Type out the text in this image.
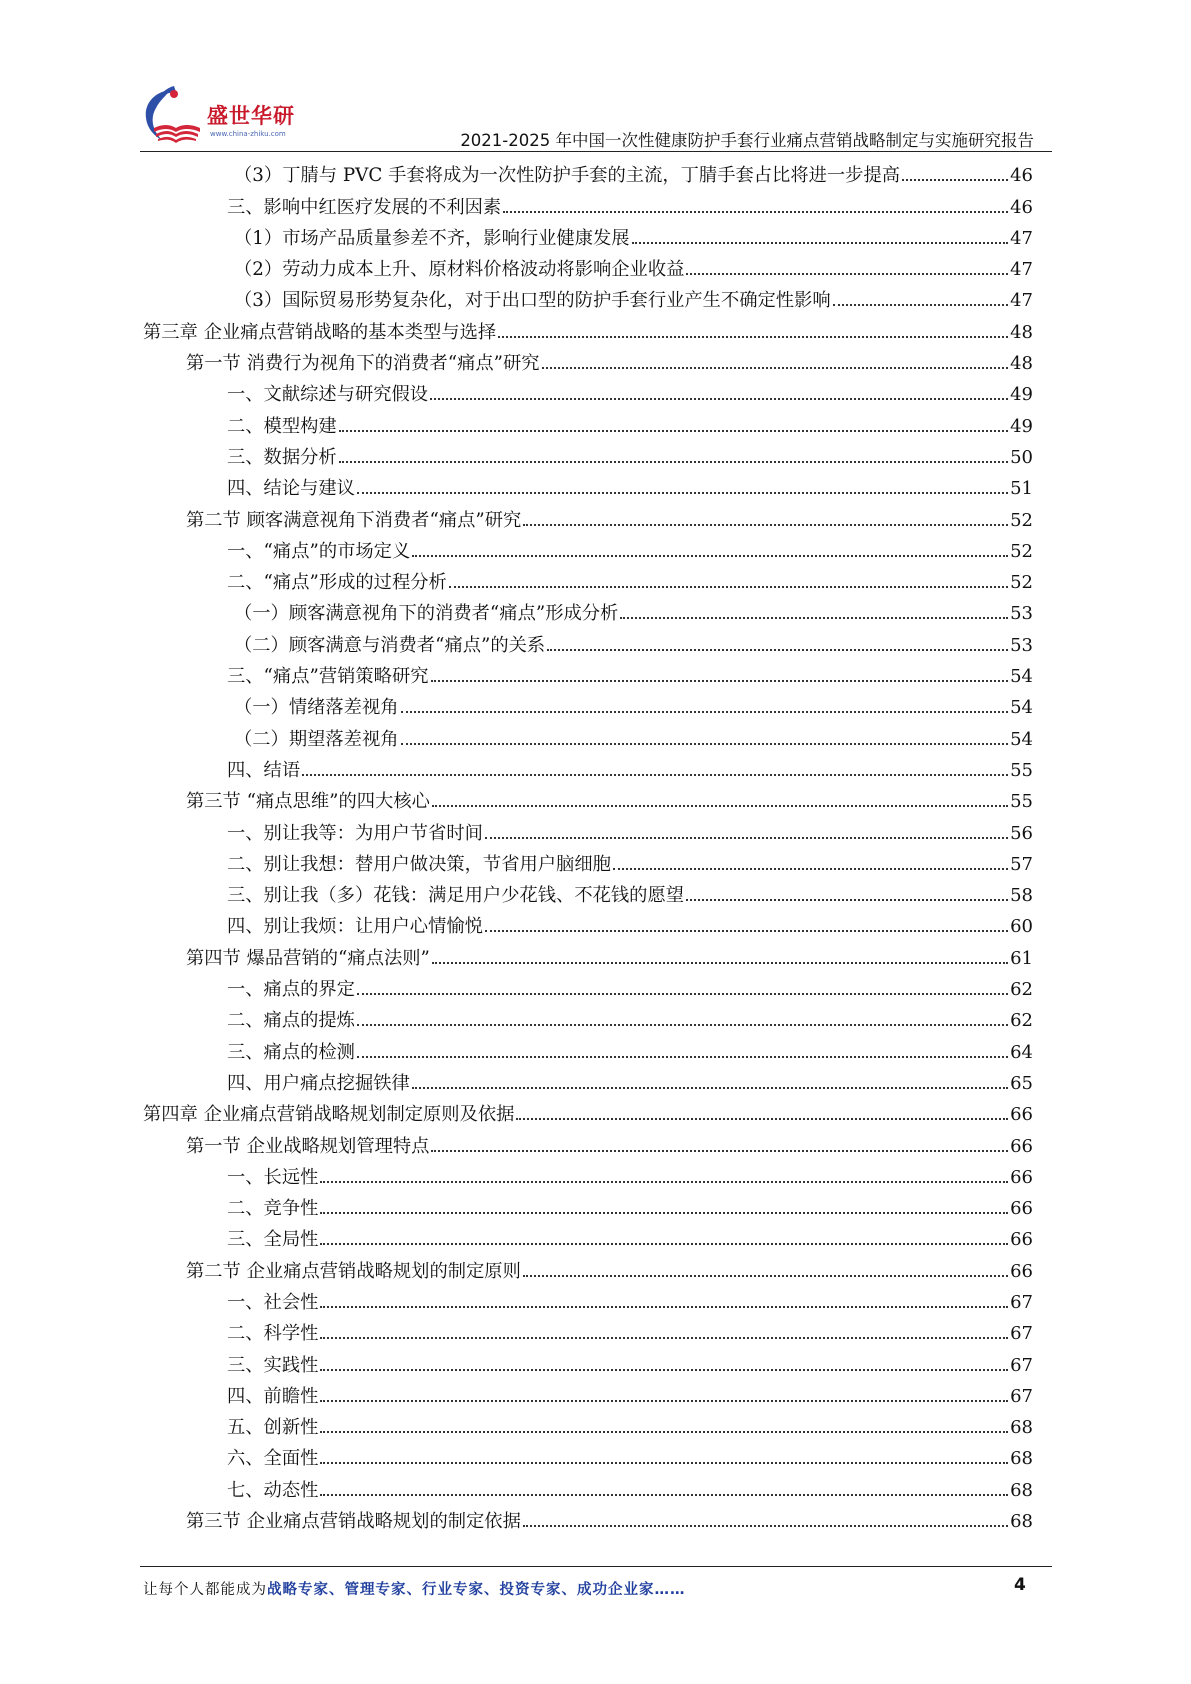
盛世华研
www.china-zhiku.com	2021-2025 年中国一次性健康防护手套行业痛点营销战略制定与实施研究报告
（3）丁腈与 PVC 手套将成为一次性防护手套的主流，丁腈手套占比将进一步提高	46
三、影响中红医疗发展的不利因素	46
（1）市场产品质量参差不齐，影响行业健康发展	47
（2）劳动力成本上升、原材料价格波动将影响企业收益	47
（3）国际贸易形势复杂化，对于出口型的防护手套行业产生不确定性影响	47
第三章 企业痛点营销战略的基本类型与选择	48
第一节 消费行为视角下的消费者“痛点”研究	48
一、文献综述与研究假设	49
二、模型构建	49
三、数据分析	50
四、结论与建议	51
第二节 顾客满意视角下消费者“痛点”研究	52
一、“痛点”的市场定义	52
二、“痛点”形成的过程分析	52
（一）顾客满意视角下的消费者“痛点”形成分析	53
（二）顾客满意与消费者“痛点”的关系	53
三、“痛点”营销策略研究	54
（一）情绪落差视角	54
（二）期望落差视角	54
四、结语	55
第三节 “痛点思维”的四大核心	55
一、别让我等：为用户节省时间	56
二、别让我想：替用户做决策，节省用户脑细胞	57
三、别让我（多）花钱：满足用户少花钱、不花钱的愿望	58
四、别让我烦：让用户心情愉悦	60
第四节 爆品营销的“痛点法则”	61
一、痛点的界定	62
二、痛点的提炼	62
三、痛点的检测	64
四、用户痛点挖掘铁律	65
第四章 企业痛点营销战略规划制定原则及依据	66
第一节 企业战略规划管理特点	66
一、长远性	66
二、竞争性	66
三、全局性	66
第二节 企业痛点营销战略规划的制定原则	66
一、社会性	67
二、科学性	67
三、实践性	67
四、前瞻性	67
五、创新性	68
六、全面性	68
七、动态性	68
第三节 企业痛点营销战略规划的制定依据	68
让每个人都能成为战略专家、管理专家、行业专家、投资专家、成功企业家……	4
